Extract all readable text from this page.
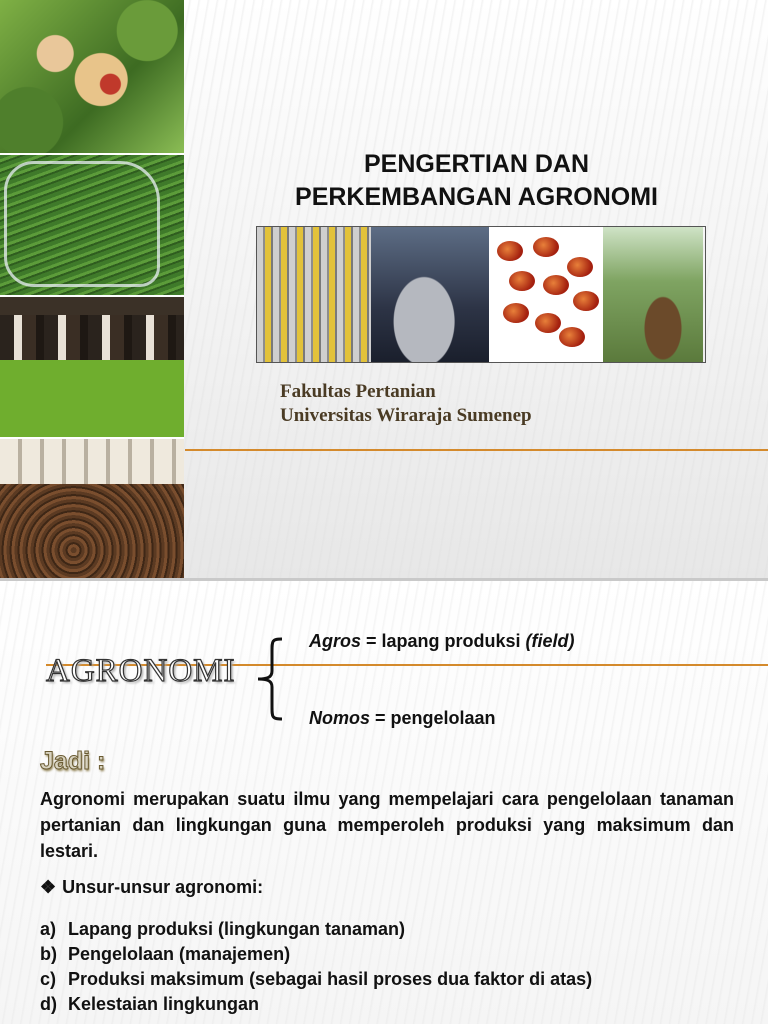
PENGERTIAN DAN
PERKEMBANGAN AGRONOMI
Fakultas Pertanian
Universitas Wiraraja Sumenep
AGRONOMI
Agros = lapang produksi (field)
Nomos = pengelolaan
Jadi :
Agronomi merupakan suatu ilmu yang mempelajari cara pengelolaan tanaman pertanian dan lingkungan guna memperoleh produksi yang maksimum dan lestari.
❖ Unsur-unsur agronomi:
a) Lapang produksi (lingkungan tanaman)
b) Pengelolaan (manajemen)
c) Produksi maksimum (sebagai hasil proses dua faktor di atas)
d) Kelestaian lingkungan
